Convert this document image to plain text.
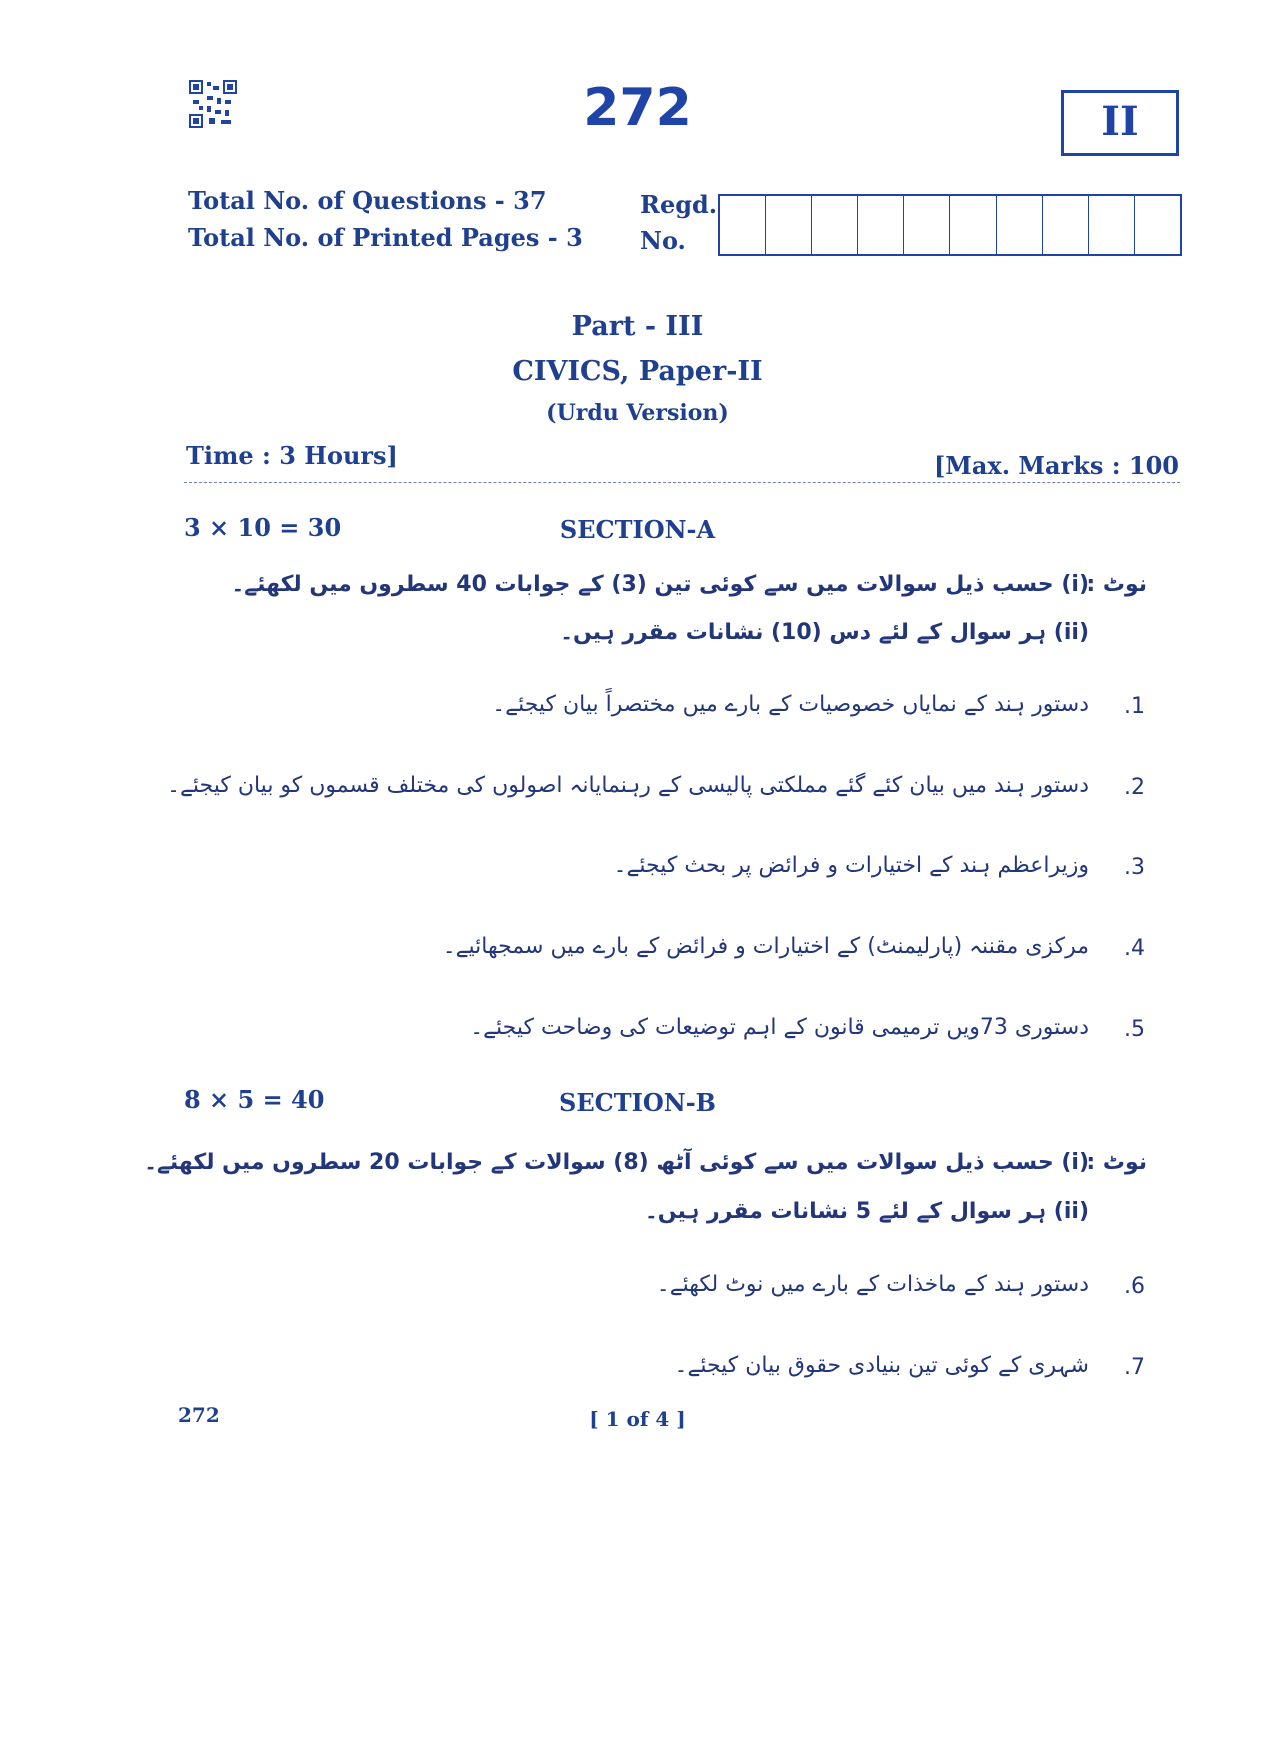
272	II
Total No. of Questions - 37
Total No. of Printed Pages - 3
Regd.
No.
Part - III
CIVICS, Paper-II
(Urdu Version)
Time : 3 Hours]	[Max. Marks : 100
3 × 10 = 30	SECTION-A
نوٹ :
(i) حسب ذیل سوالات میں سے کوئی تین (3) کے جوابات 40 سطروں میں لکھئے۔
(ii) ہر سوال کے لئے دس (10) نشانات مقرر ہیں۔
1.
دستور ہند کے نمایاں خصوصیات کے بارے میں مختصراً بیان کیجئے۔
2.
دستور ہند میں بیان کئے گئے مملکتی پالیسی کے رہنمایانہ اصولوں کی مختلف قسموں کو بیان کیجئے۔
3.
وزیراعظم ہند کے اختیارات و فرائض پر بحث کیجئے۔
4.
مرکزی مقننہ (پارلیمنٹ) کے اختیارات و فرائض کے بارے میں سمجھائیے۔
5.
دستوری 73ویں ترمیمی قانون کے اہم توضیعات کی وضاحت کیجئے۔
8 × 5 = 40	SECTION-B
نوٹ :
(i) حسب ذیل سوالات میں سے کوئی آٹھ (8) سوالات کے جوابات 20 سطروں میں لکھئے۔
(ii) ہر سوال کے لئے 5 نشانات مقرر ہیں۔
6.
دستور ہند کے ماخذات کے بارے میں نوٹ لکھئے۔
7.
شہری کے کوئی تین بنیادی حقوق بیان کیجئے۔
272	[ 1 of 4 ]
